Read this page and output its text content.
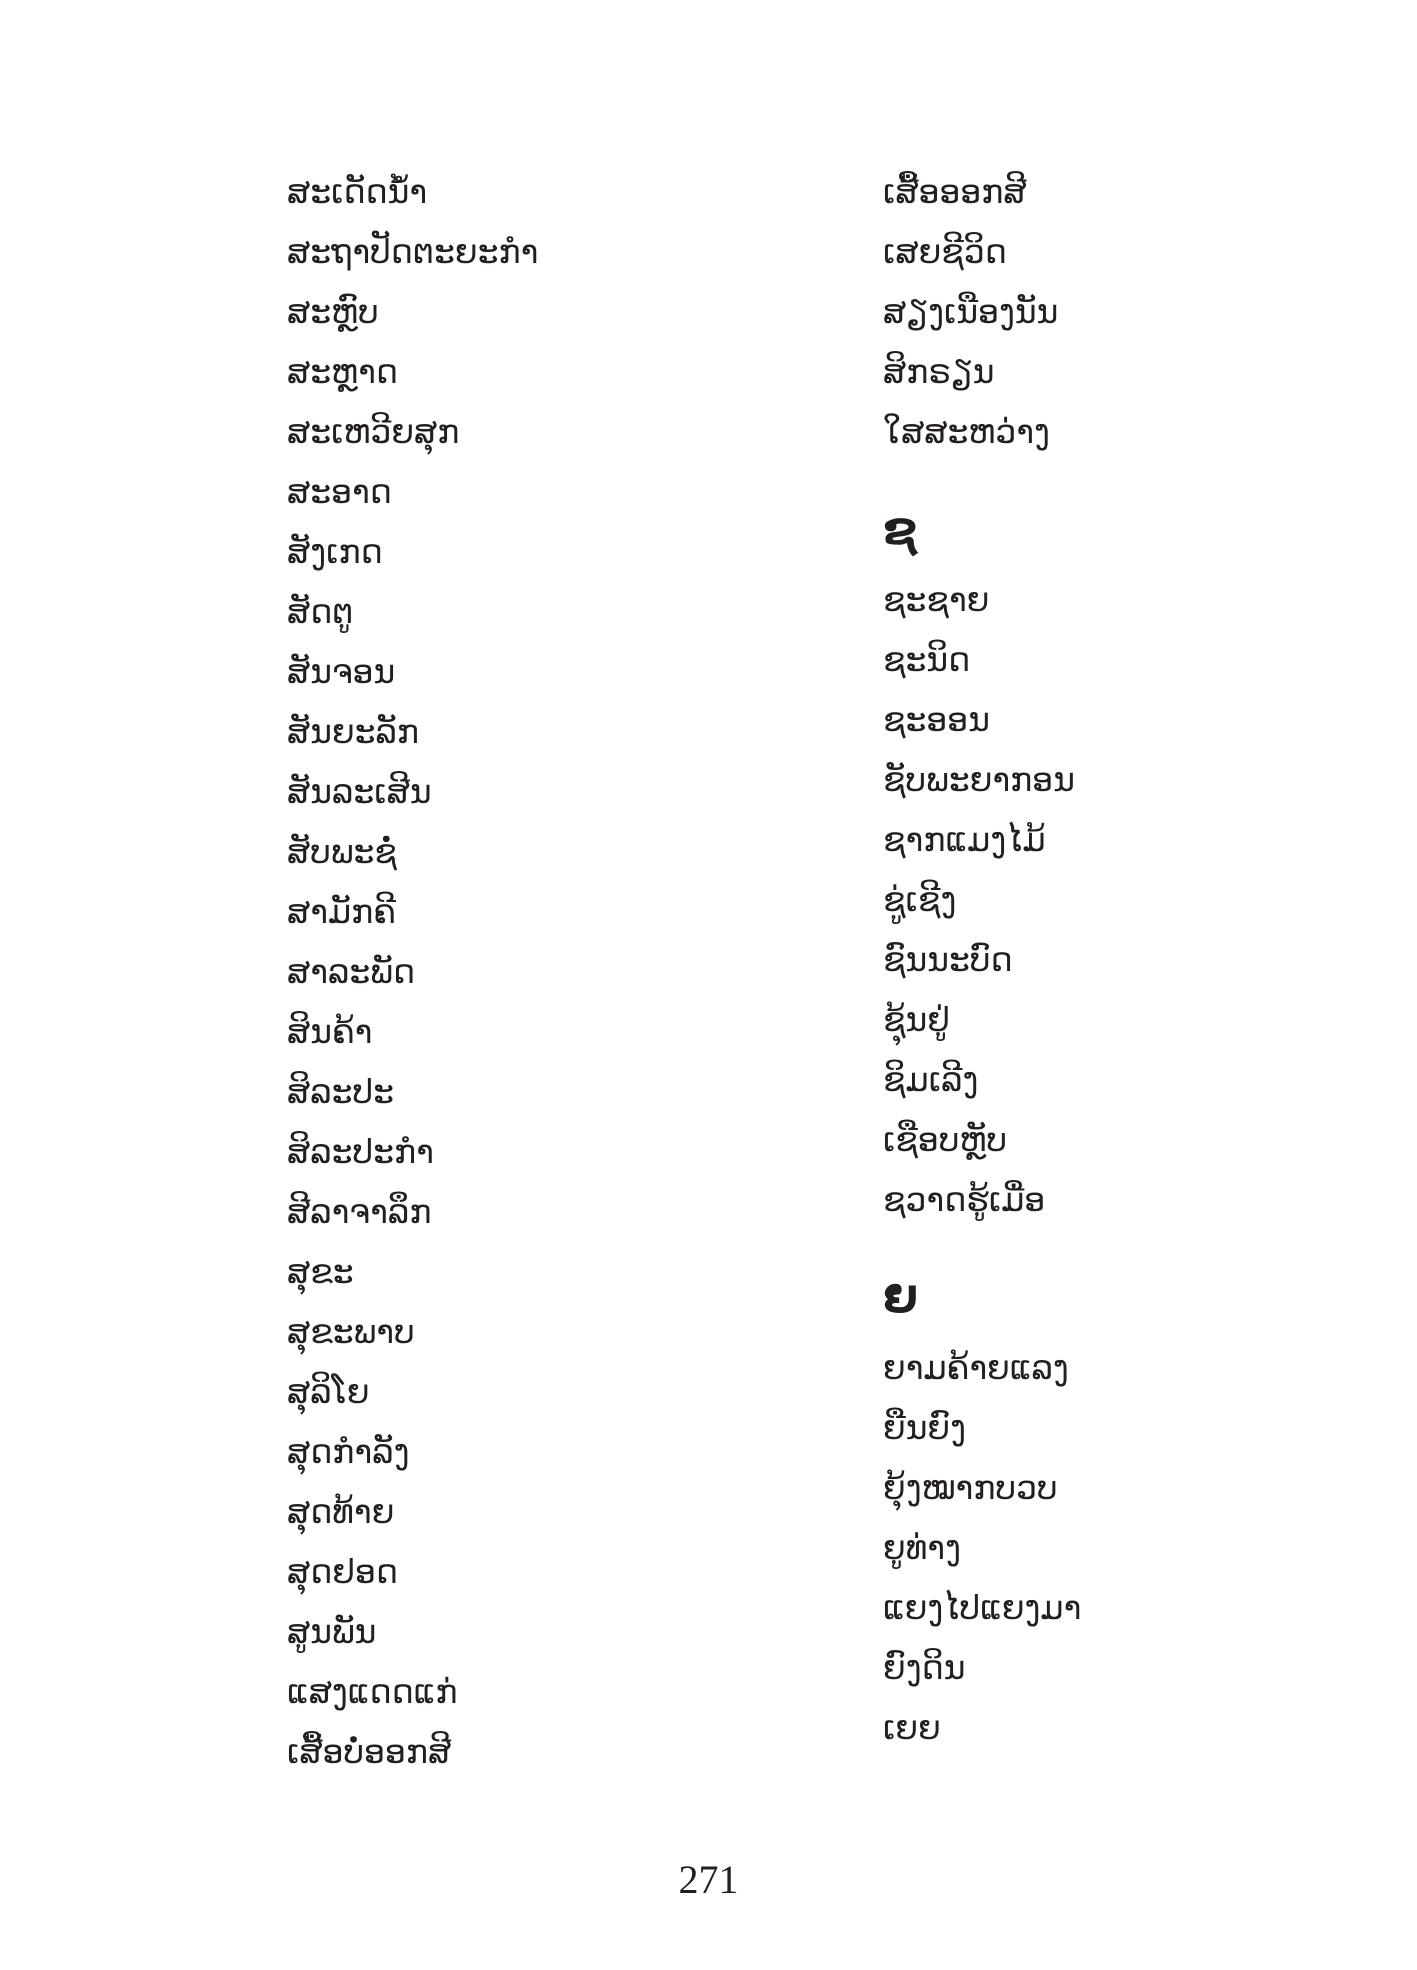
ສະເດັດນ້ຳ
ສະຖາປັດຕະຍະກຳ
ສະຫຼົບ
ສະຫຼາດ
ສະເຫວີຍສຸກ
ສະອາດ
ສັງເກດ
ສັດຕູ
ສັນຈອນ
ສັນຍະລັກ
ສັນລະເສີນ
ສັບພະຊໍ່
ສາມັກຄີ
ສາລະພັດ
ສິນຄ້າ
ສິລະປະ
ສິລະປະກຳ
ສີລາຈາລຶກ
ສຸຂະ
ສຸຂະພາບ
ສຸລິໂຍ
ສຸດກຳລັງ
ສຸດທ້າຍ
ສຸດຢອດ
ສູນພັນ
ແສງແດດແກ່
ເສື້ອບໍ່ອອກສີ
ເສື້ອອອກສີ
ເສຍຊີວິດ
ສຽງເນືອງນັນ
ສິກຣຽນ
ໃສສະຫວ່າງ
ຊ
ຊະຊາຍ
ຊະນິດ
ຊະອອນ
ຊັບພະຍາກອນ
ຊາກແມງໄມ້
ຊູ່ເຊີງ
ຊົນນະບົດ
ຊຸ້ນຢູ່
ຊິມເລີງ
ເຊືອບຫຼັບ
ຊວາດຮູ້ເມື່ອ
ຍ
ຍາມຄ້າຍແລງ
ຍືນຍົງ
ຍຸ້ງໝາກບວບ
ຍູທ່າງ
ແຍງໄປແຍງມາ
ຍົງດິນ
ເຍຍ
271
